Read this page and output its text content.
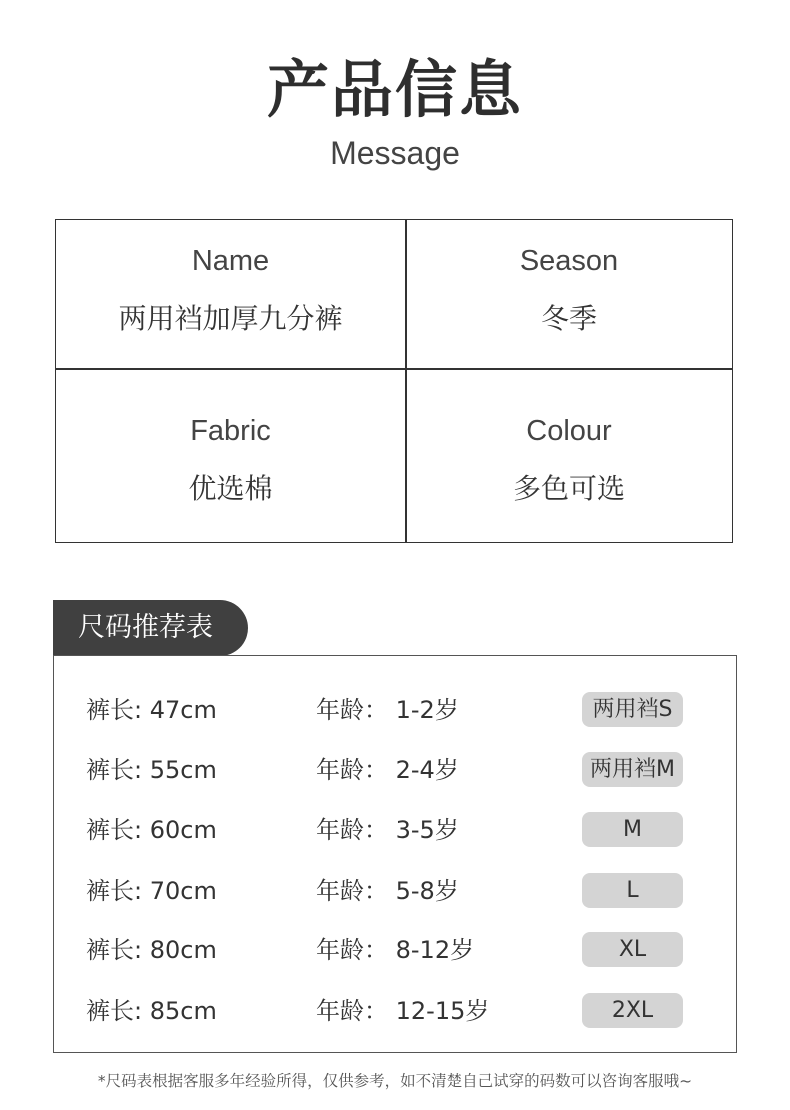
产品信息
Message
Name
两用裆加厚九分裤
Season
冬季
Fabric
优选棉
Colour
多色可选
尺码推荐表
裤长: 47cm	年龄： 1-2岁	两用裆S
裤长: 55cm	年龄： 2-4岁	两用裆M
裤长: 60cm	年龄： 3-5岁	M
裤长: 70cm	年龄： 5-8岁	L
裤长: 80cm	年龄： 8-12岁	XL
裤长: 85cm	年龄： 12-15岁	2XL
*尺码表根据客服多年经验所得，仅供参考，如不清楚自己试穿的码数可以咨询客服哦~
